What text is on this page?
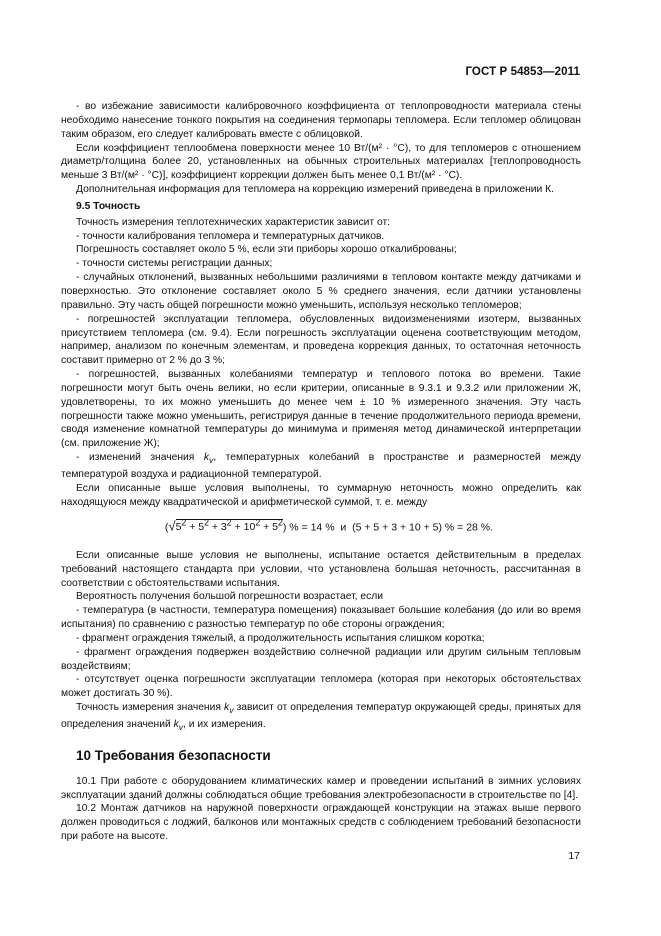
ГОСТ Р 54853—2011

- во избежание зависимости калибровочного коэффициента от теплопроводности материала стены необходимо нанесение тонкого покрытия на соединения термопары тепломера. Если тепломер облицован таким образом, его следует калибровать вместе с облицовкой.

Если коэффициент теплообмена поверхности менее 10 Вт/(м² · °C), то для тепломеров с отношением диаметр/толщина более 20, установленных на обычных строительных материалах [теплопроводность меньше 3 Вт/(м² · °C)], коэффициент коррекции должен быть менее 0,1 Вт/(м² · °C).

Дополнительная информация для тепломера на коррекцию измерений приведена в приложении К.

9.5 Точность

Точность измерения теплотехнических характеристик зависит от:

- точности калибрования тепломера и температурных датчиков.

Погрешность составляет около 5 %, если эти приборы хорошо откалиброваны;

- точности системы регистрации данных;

- случайных отклонений, вызванных небольшими различиями в тепловом контакте между датчиками и поверхностью. Это отклонение составляет около 5 % среднего значения, если датчики установлены правильно. Эту часть общей погрешности можно уменьшить, используя несколько тепломеров;

- погрешностей эксплуатации тепломера, обусловленных видоизменениями изотерм, вызванных присутствием тепломера (см. 9.4). Если погрешность эксплуатации оценена соответствующим методом, например, анализом по конечным элементам, и проведена коррекция данных, то остаточная неточность составит примерно от 2 % до 3 %;

- погрешностей, вызванных колебаниями температур и теплового потока во времени. Такие погрешности могут быть очень велики, но если критерии, описанные в 9.3.1 и 9.3.2 или приложении Ж, удовлетворены, то их можно уменьшить до менее чем ± 10 % измеренного значения. Эту часть погрешности также можно уменьшить, регистрируя данные в течение продолжительного периода времени, сводя изменение комнатной температуры до минимума и применяя метод динамической интерпретации (см. приложение Ж);

- изменений значения $k_v$, температурных колебаний в пространстве и размерностей между температурой воздуха и радиационной температурой.

Если описанные выше условия выполнены, то суммарную неточность можно определить как находящуюся между квадратической и арифметической суммой, т. е. между

$(√5^2 + 5^2 + 3^2 + 10^2 + 5^2)$ % = 14 % и (5 + 5 + 3 + 10 + 5) % = 28 %.

Если описанные выше условия не выполнены, испытание остается действительным в пределах требований настоящего стандарта при условии, что установлена большая неточность, рассчитанная в соответствии с обстоятельствами испытания.

Вероятность получения большой погрешности возрастает, если

- температура (в частности, температура помещения) показывает большие колебания (до или во время испытания) по сравнению с разностью температур по обе стороны ограждения;

- фрагмент ограждения тяжелый, а продолжительность испытания слишком коротка;

- фрагмент ограждения подвержен воздействию солнечной радиации или другим сильным тепловым воздействиям;

- отсутствует оценка погрешности эксплуатации тепломера (которая при некоторых обстоятельствах может достигать 30 %).

Точность измерения значения $k_v$ зависит от определения температур окружающей среды, принятых для определения значений $k_v$, и их измерения.

10 Требования безопасности

10.1 При работе с оборудованием климатических камер и проведении испытаний в зимних условиях эксплуатации зданий должны соблюдаться общие требования электробезопасности в строительстве по [4].

10.2 Монтаж датчиков на наружной поверхности ограждающей конструкции на этажах выше первого должен проводиться с лоджий, балконов или монтажных средств с соблюдением требований безопасности при работе на высоте.

17
